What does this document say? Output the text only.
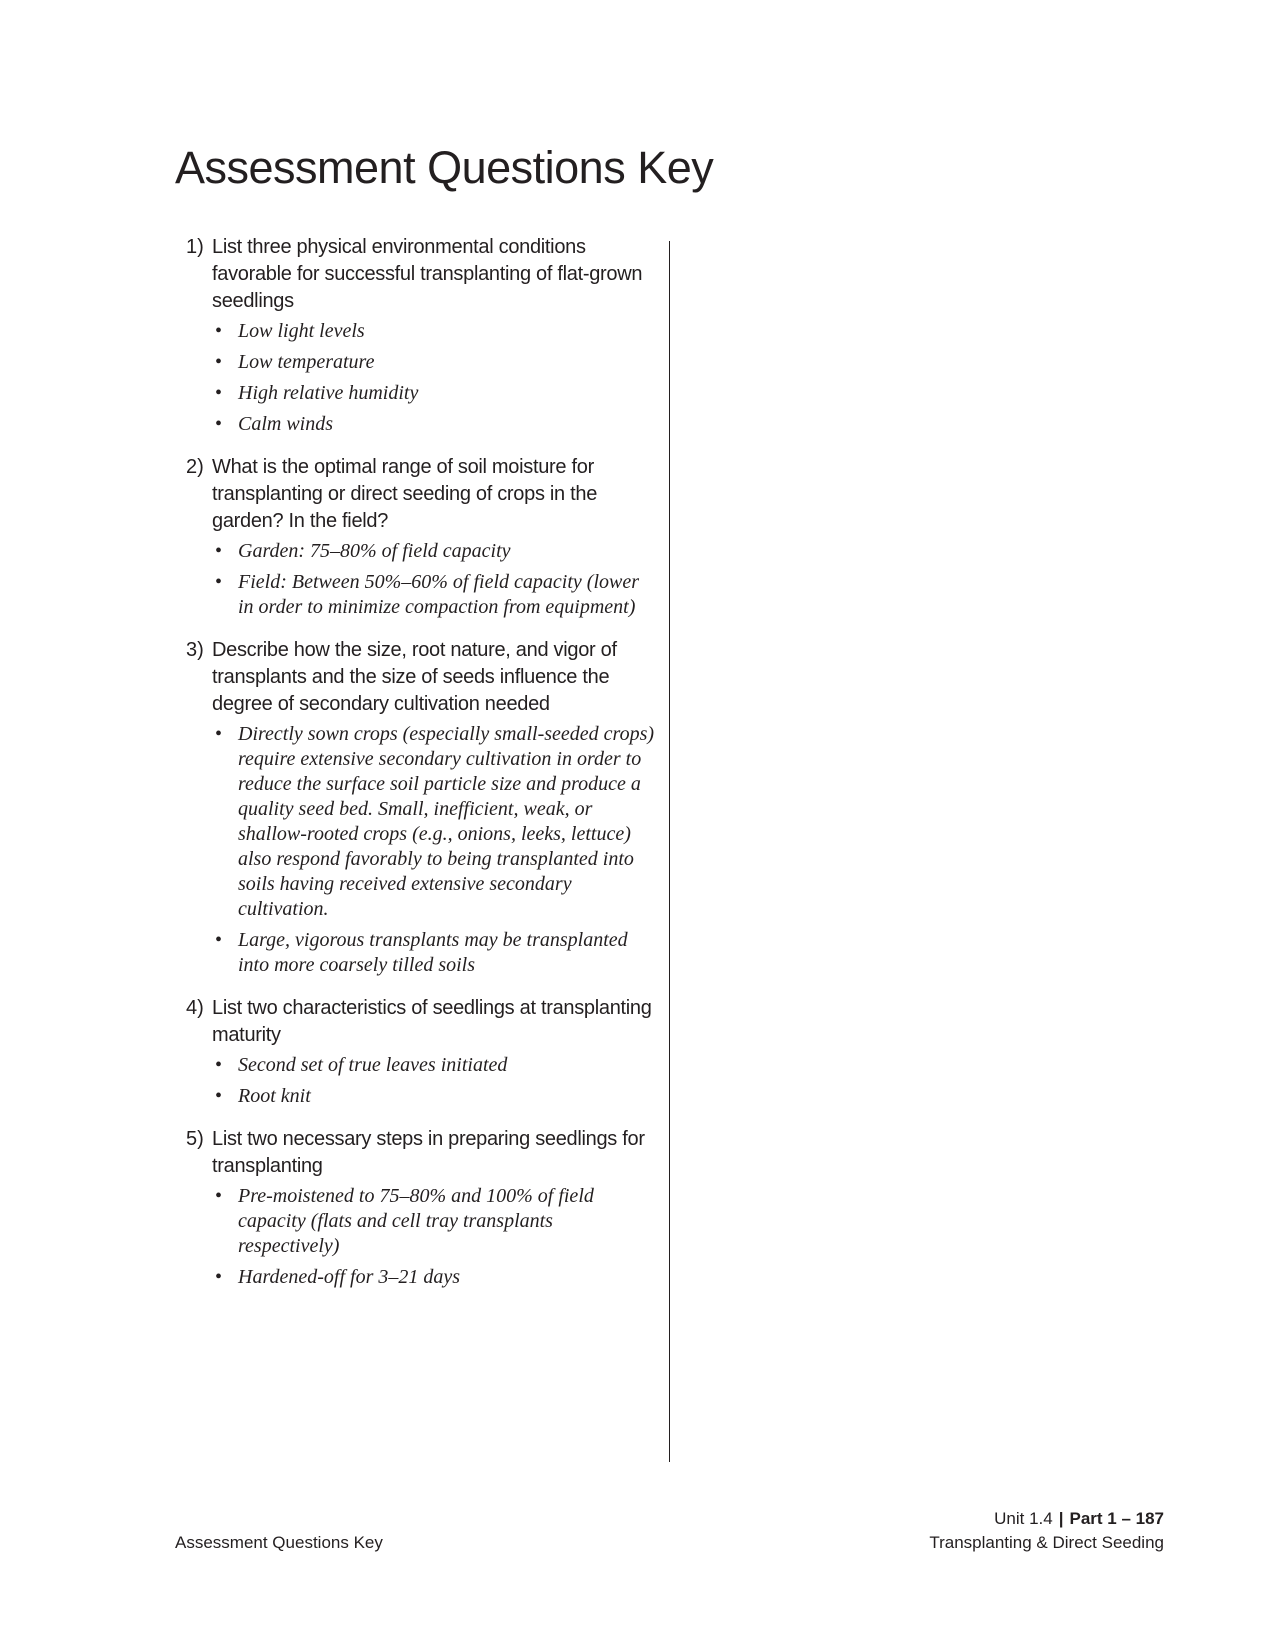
Assessment Questions Key
1) List three physical environmental conditions favorable for successful transplanting of flat-grown seedlings
• Low light levels
• Low temperature
• High relative humidity
• Calm winds
2) What is the optimal range of soil moisture for transplanting or direct seeding of crops in the garden? In the field?
• Garden: 75–80% of field capacity
• Field: Between 50%–60% of field capacity (lower in order to minimize compaction from equipment)
3) Describe how the size, root nature, and vigor of transplants and the size of seeds influence the degree of secondary cultivation needed
• Directly sown crops (especially small-seeded crops) require extensive secondary cultivation in order to reduce the surface soil particle size and produce a quality seed bed. Small, inefficient, weak, or shallow-rooted crops (e.g., onions, leeks, lettuce) also respond favorably to being transplanted into soils having received extensive secondary cultivation.
• Large, vigorous transplants may be transplanted into more coarsely tilled soils
4) List two characteristics of seedlings at transplanting maturity
• Second set of true leaves initiated
• Root knit
5) List two necessary steps in preparing seedlings for transplanting
• Pre-moistened to 75–80% and 100% of field capacity (flats and cell tray transplants respectively)
• Hardened-off for 3–21 days
Assessment Questions Key
Unit 1.4 | Part 1 – 187
Transplanting & Direct Seeding
